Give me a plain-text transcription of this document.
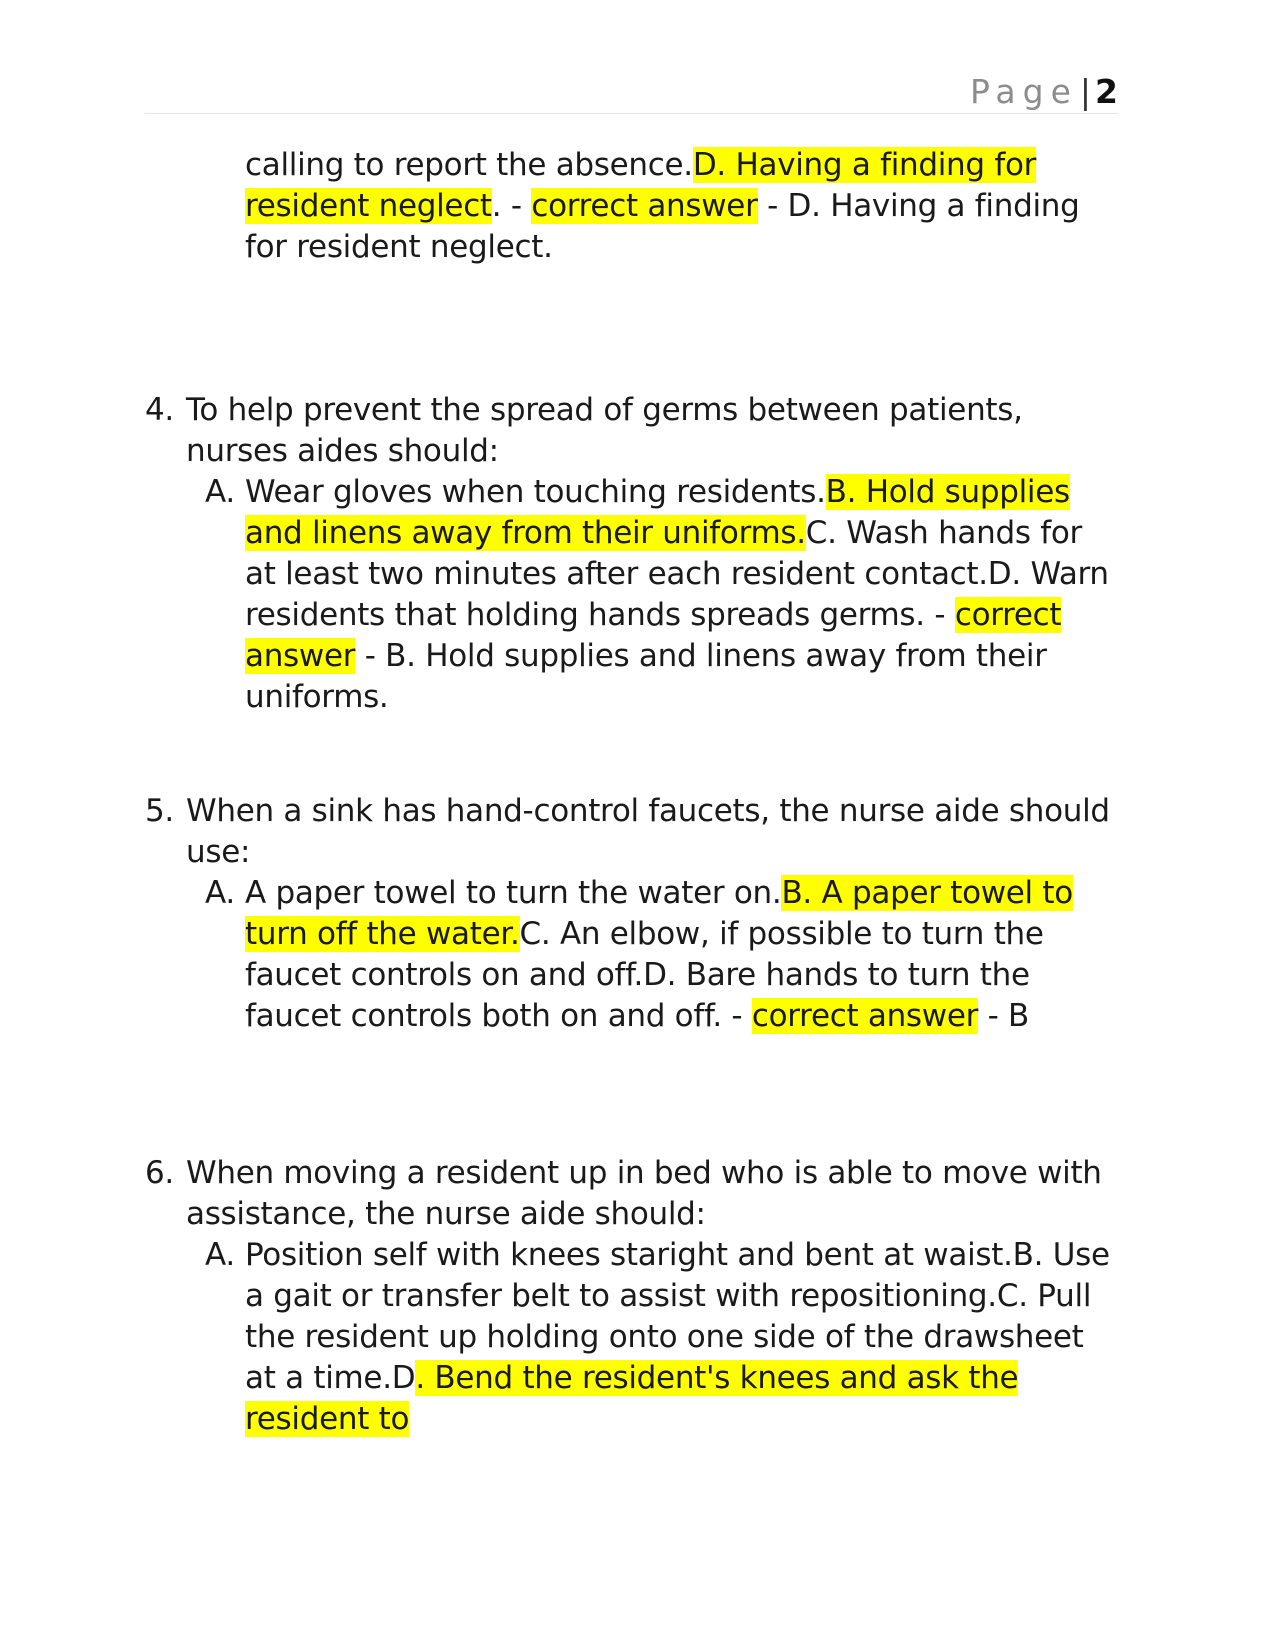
Page| 2
calling to report the absence.D. Having a finding for resident neglect. - correct answer - D. Having a finding for resident neglect.
4. To help prevent the spread of germs between patients, nurses aides should:
A. Wear gloves when touching residents.B. Hold supplies and linens away from their uniforms.C. Wash hands for at least two minutes after each resident contact.D. Warn residents that holding hands spreads germs. - correct answer - B. Hold supplies and linens away from their uniforms.
5. When a sink has hand-control faucets, the nurse aide should use:
A. A paper towel to turn the water on.B. A paper towel to turn off the water.C. An elbow, if possible to turn the faucet controls on and off.D. Bare hands to turn the faucet controls both on and off. - correct answer - B
6. When moving a resident up in bed who is able to move with assistance, the nurse aide should:
A. Position self with knees staright and bent at waist.B. Use a gait or transfer belt to assist with repositioning.C. Pull the resident up holding onto one side of the drawsheet at a time.D. Bend the resident's knees and ask the resident to
